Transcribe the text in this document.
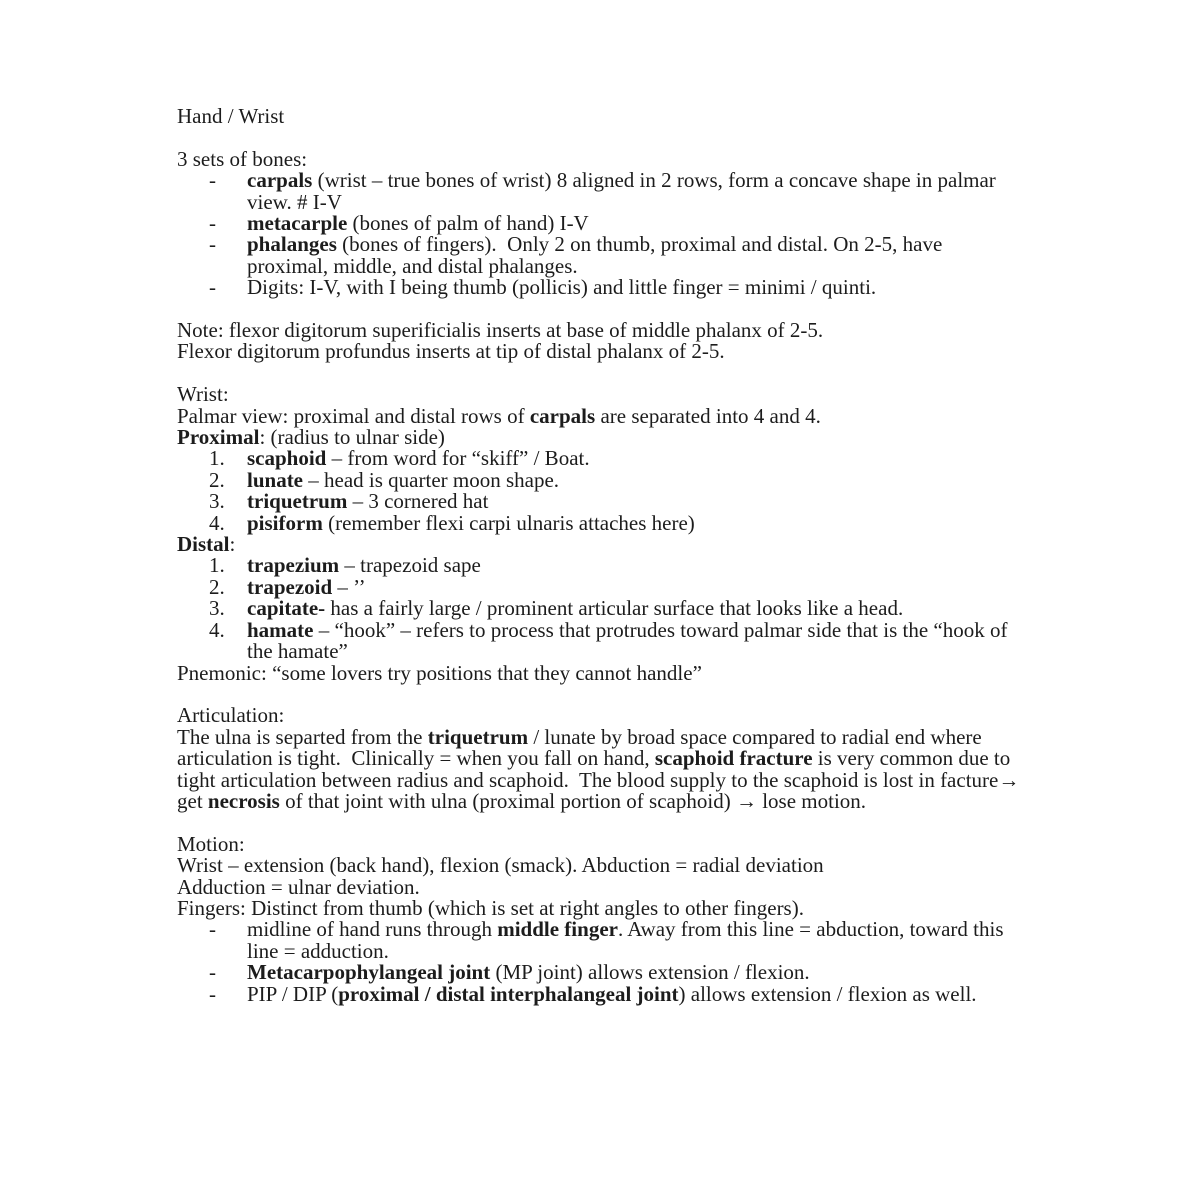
Hand / Wrist
3 sets of bones:
- carpals (wrist – true bones of wrist) 8 aligned in 2 rows, form a concave shape in palmar view. # I-V
- metacarple (bones of palm of hand) I-V
- phalanges (bones of fingers).  Only 2 on thumb, proximal and distal. On 2-5, have proximal, middle, and distal phalanges.
- Digits: I-V, with I being thumb (pollicis) and little finger = minimi / quinti.
Note: flexor digitorum superificialis inserts at base of middle phalanx of 2-5.
Flexor digitorum profundus inserts at tip of distal phalanx of 2-5.
Wrist:
Palmar view: proximal and distal rows of carpals are separated into 4 and 4.
Proximal: (radius to ulnar side)
1. scaphoid – from word for “skiff” / Boat.
2. lunate – head is quarter moon shape.
3. triquetrum – 3 cornered hat
4. pisiform (remember flexi carpi ulnaris attaches here)
Distal:
1. trapezium – trapezoid sape
2. trapezoid – ’’
3. capitate- has a fairly large / prominent articular surface that looks like a head.
4. hamate – “hook” – refers to process that protrudes toward palmar side that is the “hook of the hamate”
Pnemonic: “some lovers try positions that they cannot handle”
Articulation:
The ulna is separted from the triquetrum / lunate by broad space compared to radial end where articulation is tight.  Clinically = when you fall on hand, scaphoid fracture is very common due to tight articulation between radius and scaphoid.  The blood supply to the scaphoid is lost in facture→ get necrosis of that joint with ulna (proximal portion of scaphoid) → lose motion.
Motion:
Wrist – extension (back hand), flexion (smack). Abduction = radial deviation
Adduction = ulnar deviation.
Fingers: Distinct from thumb (which is set at right angles to other fingers).
- midline of hand runs through middle finger. Away from this line = abduction, toward this line = adduction.
- Metacarpophylangeal joint (MP joint) allows extension / flexion.
- PIP / DIP (proximal / distal interphalangeal joint) allows extension / flexion as well.
